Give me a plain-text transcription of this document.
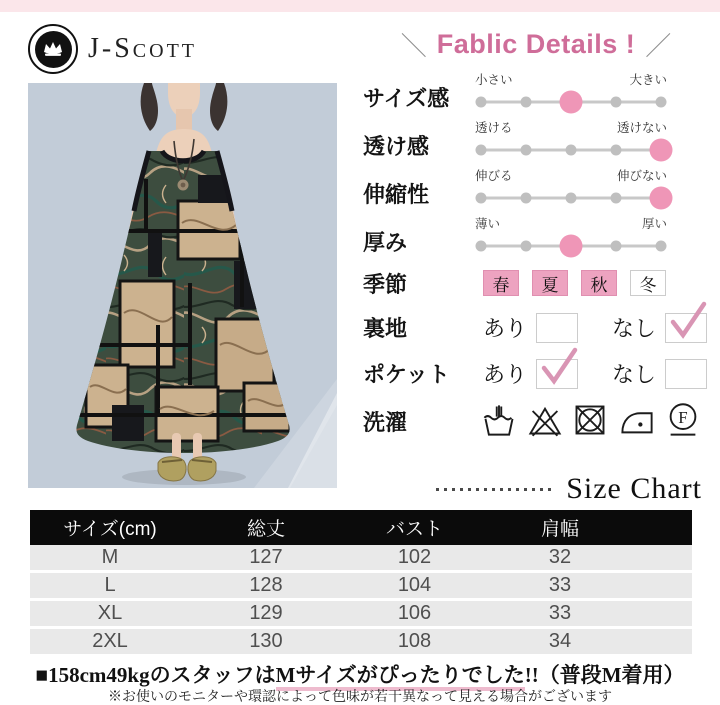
J-Scott	＼ Fablic Details ! ／
サイズ感
小さい	大きい
透け感
透ける	透けない
伸縮性
伸びる	伸びない
厚み
薄い	厚い
季節	春	夏	秋	冬
裏地	あり	なし
ポケット	あり	なし
洗濯	F
Size Chart
サイズ(cm)	総丈	バスト	肩幅
M	127	102	32
L	128	104	33
XL	129	106	33
2XL	130	108	34
■158cm49kgのスタッフはMサイズがぴったりでした!!（普段M着用）
※お使いのモニターや環認によって色味が若干異なって見える場合がございます
